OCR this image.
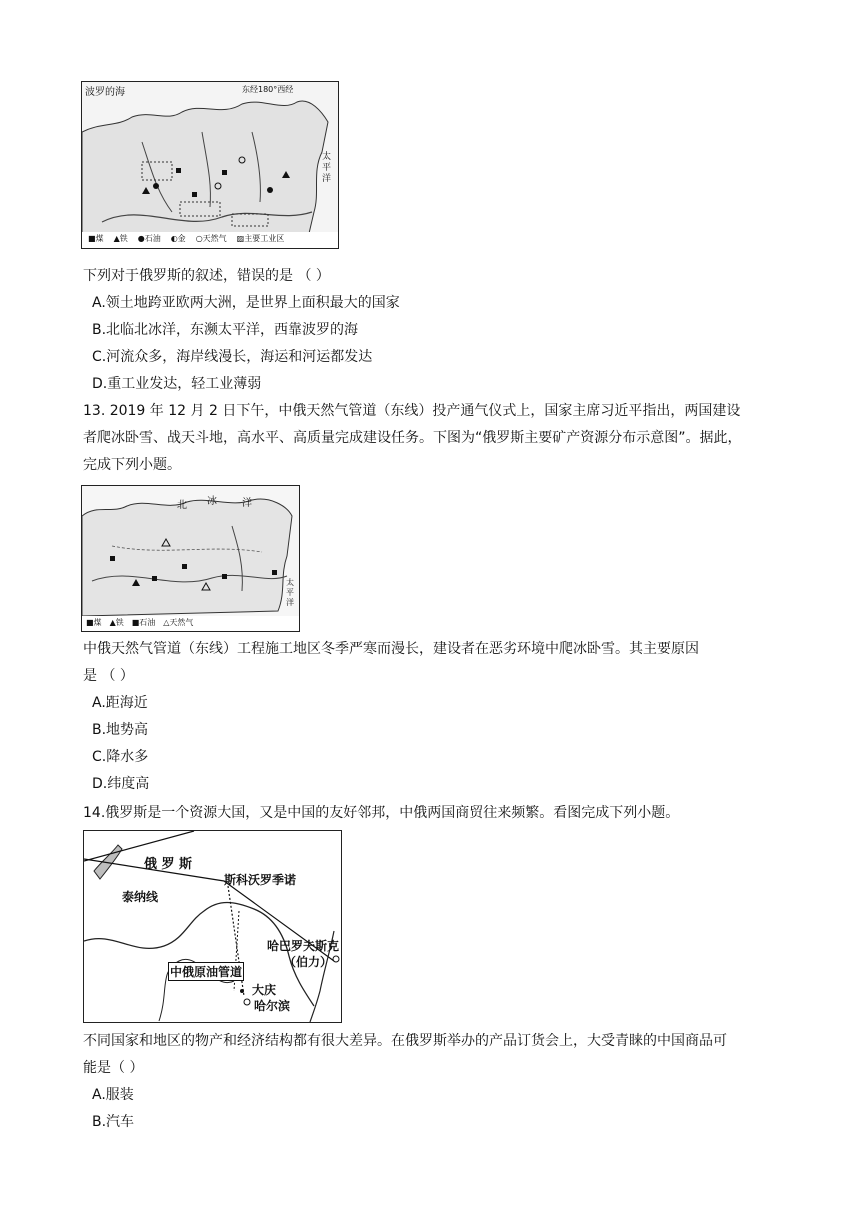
波罗的海	东经180°西经
太平洋
■煤 ▲铁 ●石油 ◐金 ○天然气 ▨主要工业区
下列对于俄罗斯的叙述，错误的是 （ ）
A.领土地跨亚欧两大洲，是世界上面积最大的国家
B.北临北冰洋，东濒太平洋，西靠波罗的海
C.河流众多，海岸线漫长，海运和河运都发达
D.重工业发达，轻工业薄弱
13. 2019 年 12 月 2 日下午，中俄天然气管道（东线）投产通气仪式上，国家主席习近平指出，两国建设
者爬冰卧雪、战天斗地，高水平、高质量完成建设任务。下图为“俄罗斯主要矿产资源分布示意图”。据此，
完成下列小题。
北 冰	洋
太平洋
■煤 ▲铁 ■石油 △天然气
中俄天然气管道（东线）工程施工地区冬季严寒而漫长，建设者在恶劣环境中爬冰卧雪。其主要原因
是 （ ）
A.距海近
B.地势高
C.降水多
D.纬度高
14.俄罗斯是一个资源大国，又是中国的友好邻邦，中俄两国商贸往来频繁。看图完成下列小题。
俄 罗 斯
泰纳线
斯科沃罗季诺
哈巴罗夫斯克
（伯力）
中俄原油管道
大庆
哈尔滨
不同国家和地区的物产和经济结构都有很大差异。在俄罗斯举办的产品订货会上，大受青睐的中国商品可
能是（ ）
A.服装
B.汽车
